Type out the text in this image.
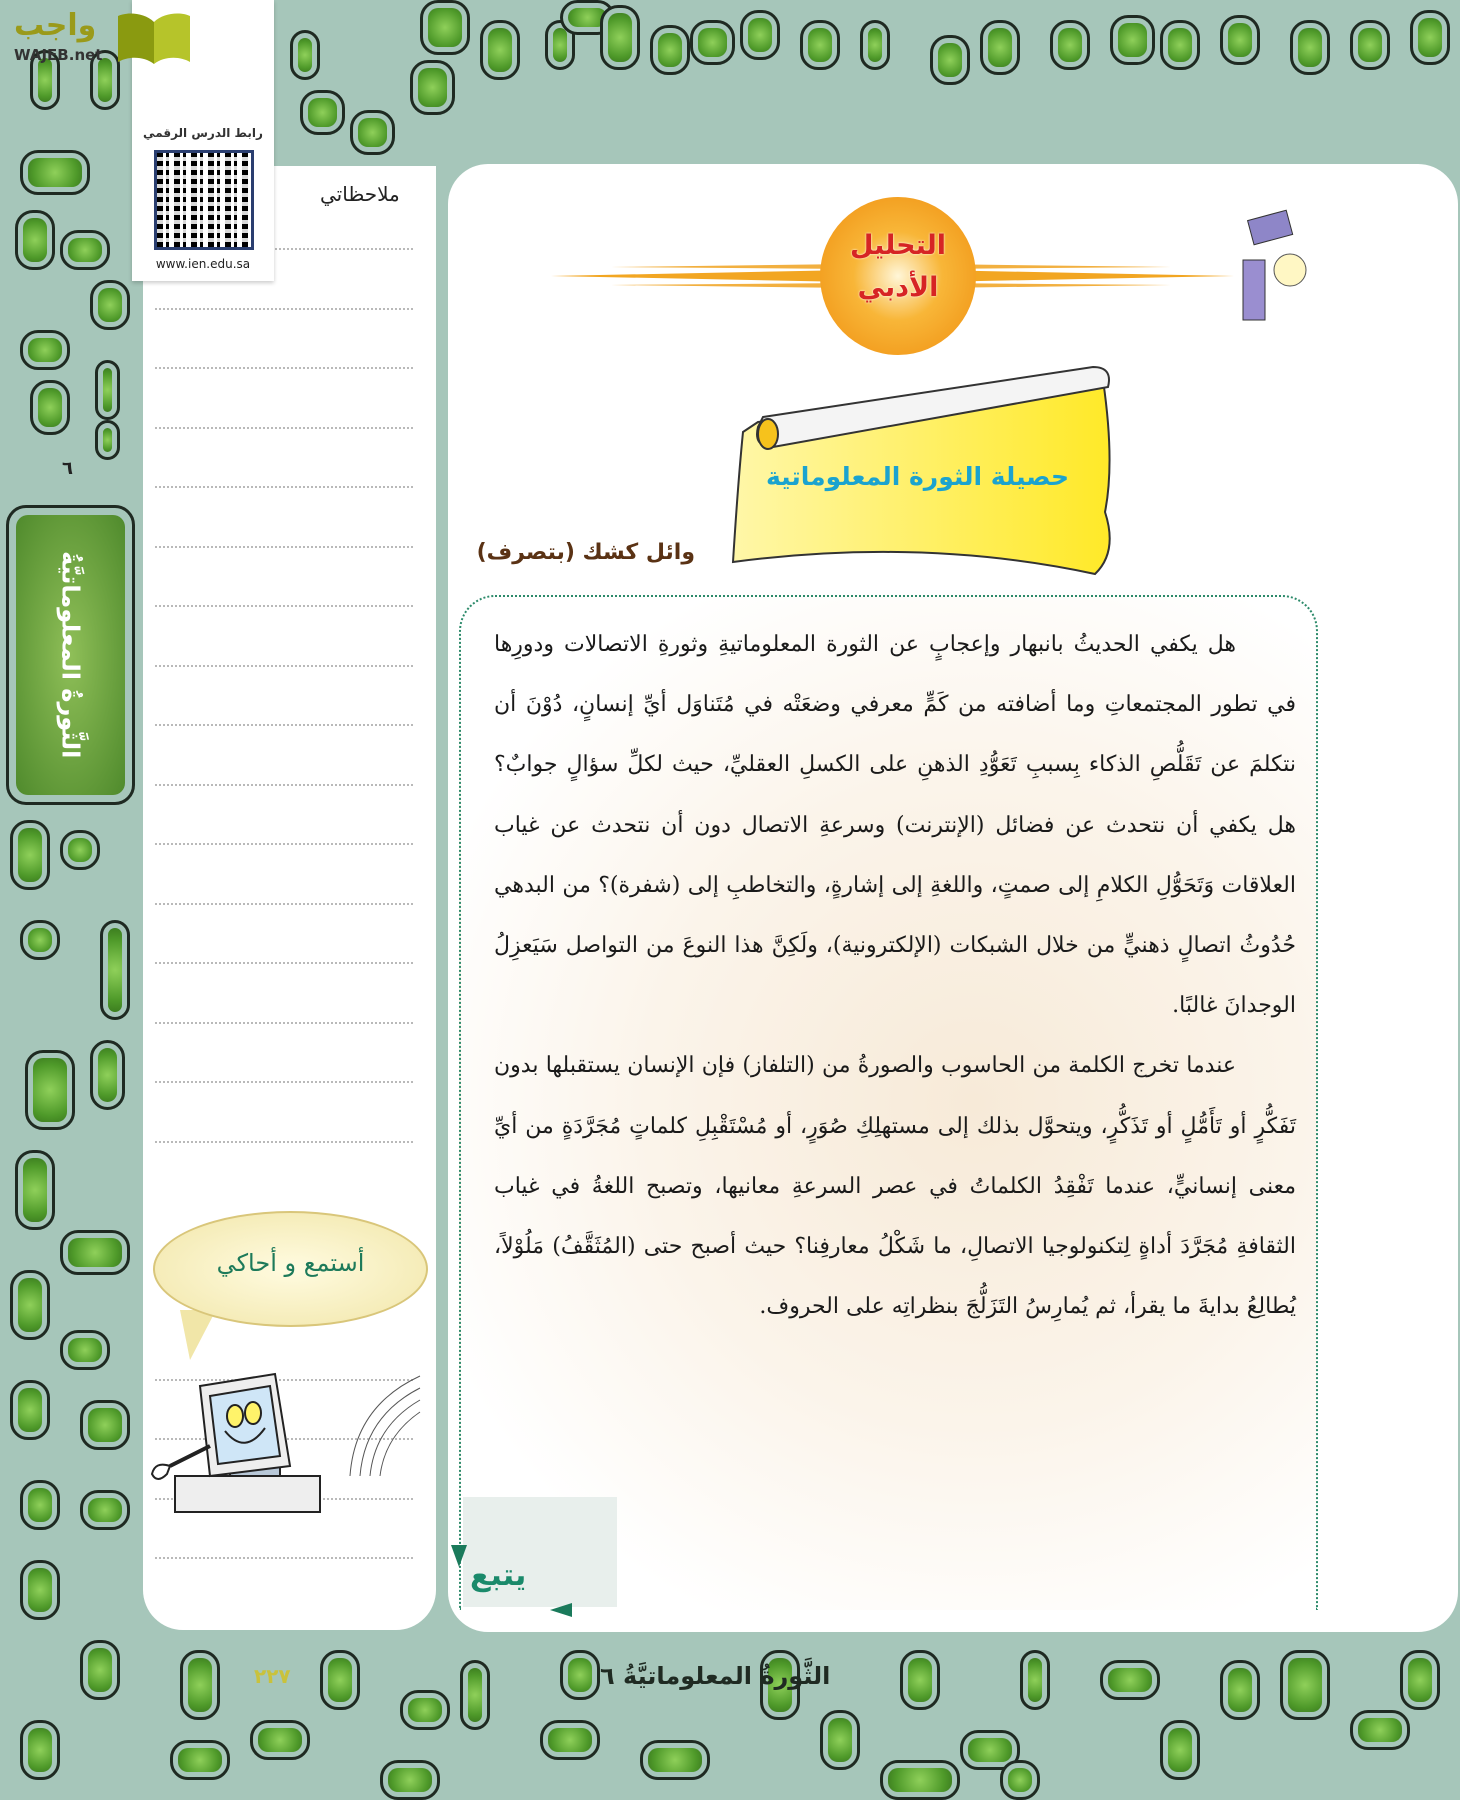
واجب
WAJEB.net
٦
الثَّورةُ المعلوماتيَّةُ
ملاحظاتي
رابط الدرس الرقمي
www.ien.edu.sa
أستمع و أحاكي
التحليل
الأدبي
حصيلة الثورة المعلوماتية
وائل كشك (بتصرف)

هل يكفي الحديثُ بانبهار وإعجابٍ عن الثورة المعلوماتيةِ وثورةِ الاتصالات ودورِها في تطور المجتمعاتِ وما أضافته من كَمٍّ معرفي وضعَتْه في مُتَناوَل أيِّ إنسانٍ، دُوْنَ أن نتكلمَ عن تَقَلُّصِ الذكاء بِسببِ تَعَوُّدِ الذهنِ على الكسلِ العقليِّ، حيث لكلِّ سؤالٍ جوابٌ؟ هل يكفي أن نتحدث عن فضائل (الإنترنت) وسرعةِ الاتصال دون أن نتحدث عن غياب العلاقات وَتَحَوُّلِ الكلامِ إلى صمتٍ، واللغةِ إلى إشارةٍ، والتخاطبِ إلى (شفرة)؟ من البدهي حُدُوثُ اتصالٍ ذهنيٍّ من خلال الشبكات (الإلكترونية)، ولَكِنَّ هذا النوعَ من التواصل سَيَعزِلُ الوجدانَ غالبًا.

عندما تخرج الكلمة من الحاسوب والصورةُ من (التلفاز) فإن الإنسان يستقبلها بدون تَفَكُّرٍ أو تَأَمُّلٍ أو تَذَكُّرٍ، ويتحوَّل بذلك إلى مستهلِكِ صُوَرٍ، أو مُسْتَقْبِلِ كلماتٍ مُجَرَّدَةٍ من أيِّ معنى إنسانيٍّ، عندما تَفْقِدُ الكلماتُ في عصر السرعةِ معانيها، وتصبح اللغةُ في غياب الثقافةِ مُجَرَّدَ أداةٍ لِتكنولوجيا الاتصالِ، ما شَكْلُ معارفِنا؟ حيث أصبح حتى (المُثَقَّفُ) مَلُوْلاً، يُطالِعُ بدايةَ ما يقرأ، ثم يُمارِسُ التَزَلُّجَ بنظراتِه على الحروف.

يتبع
الثَّورةُ المعلوماتيَّةُ ٦
٢٢٧
